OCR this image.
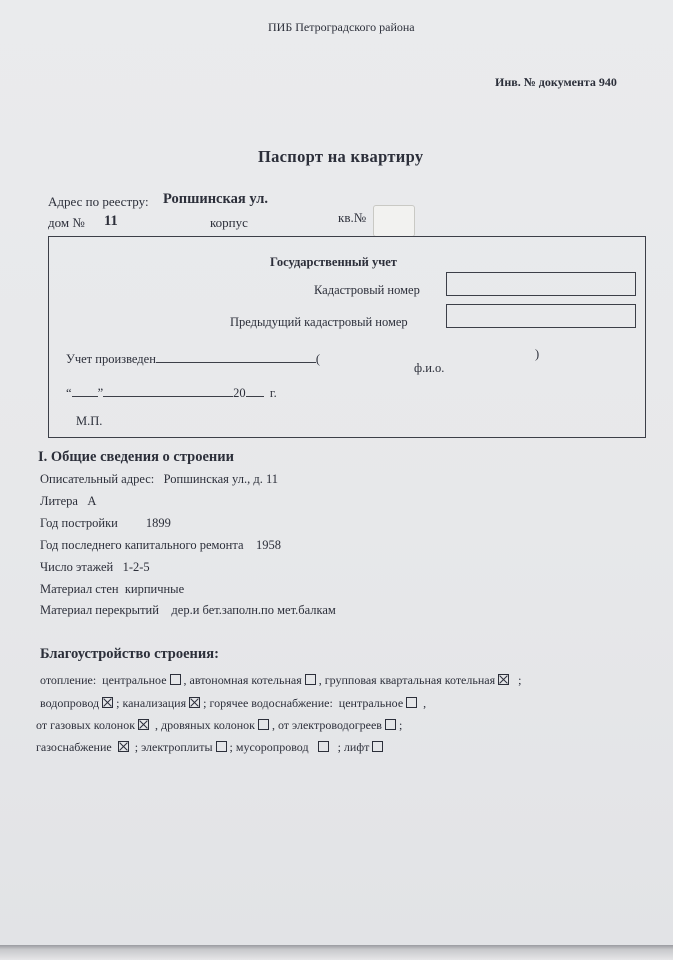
ПИБ Петроградского района
Инв. № документа 940
Паспорт на квартиру
Адрес по реестру: Ропшинская ул.
дом № 11	корпус	кв.№
Государственный учет
Кадастровый номер
Предыдущий кадастровый номер
Учет произведен	(	)
ф.и.о.
“ ”	20 г.
М.П.
I. Общие сведения о строении
Описательный адрес: Ропшинская ул., д. 11
Литера А
Год постройки 1899
Год последнего капитального ремонта 1958
Число этажей 1-2-5
Материал стен кирпичные
Материал перекрытий дер.и бет.заполн.по мет.балкам
Благоустройство строения:
отопление: центральное , автономная котельная , групповая квартальная котельная ;
водопровод ; канализация ; горячее водоснабжение: центральное ,
от газовых колонок , дровяных колонок , от электроводогреев ;
газоснабжение ; электроплиты ; мусоропровод ; лифт
